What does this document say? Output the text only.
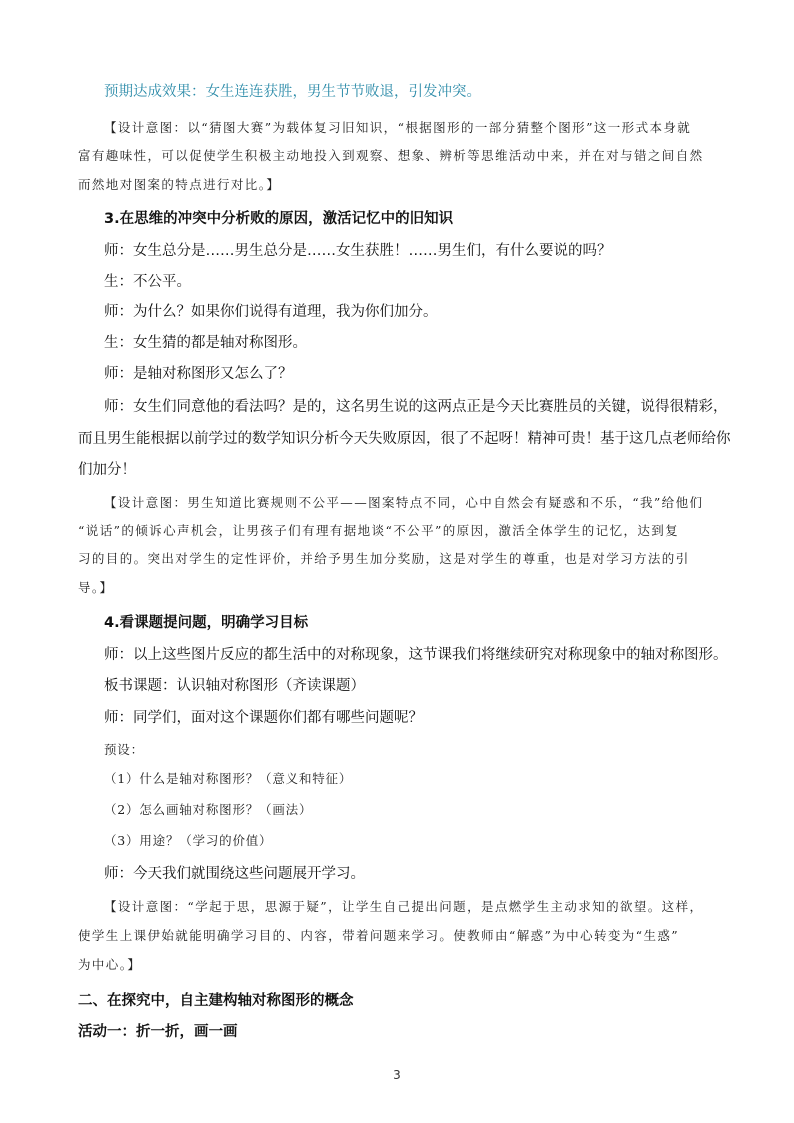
预期达成效果：女生连连获胜，男生节节败退，引发冲突。
【设计意图：以“猜图大赛”为载体复习旧知识，“根据图形的一部分猜整个图形”这一形式本身就
富有趣味性，可以促使学生积极主动地投入到观察、想象、辨析等思维活动中来，并在对与错之间自然
而然地对图案的特点进行对比。】
3.在思维的冲突中分析败的原因，激活记忆中的旧知识
师：女生总分是……男生总分是……女生获胜！……男生们，有什么要说的吗？
生：不公平。
师：为什么？如果你们说得有道理，我为你们加分。
生：女生猜的都是轴对称图形。
师：是轴对称图形又怎么了？
师：女生们同意他的看法吗？是的，这名男生说的这两点正是今天比赛胜员的关键，说得很精彩，
而且男生能根据以前学过的数学知识分析今天失败原因，很了不起呀！精神可贵！基于这几点老师给你
们加分！
【设计意图：男生知道比赛规则不公平——图案特点不同，心中自然会有疑惑和不乐，“我”给他们
“说话”的倾诉心声机会，让男孩子们有理有据地谈“不公平”的原因，激活全体学生的记忆，达到复
习的目的。突出对学生的定性评价，并给予男生加分奖励，这是对学生的尊重，也是对学习方法的引
导。】
4.看课题提问题，明确学习目标
师：以上这些图片反应的都生活中的对称现象，这节课我们将继续研究对称现象中的轴对称图形。
板书课题：认识轴对称图形（齐读课题）
师：同学们，面对这个课题你们都有哪些问题呢？
预设：
（1）什么是轴对称图形？（意义和特征）
（2）怎么画轴对称图形？（画法）
（3）用途？（学习的价值）
师：今天我们就围绕这些问题展开学习。
【设计意图：“学起于思，思源于疑”，让学生自己提出问题，是点燃学生主动求知的欲望。这样，
使学生上课伊始就能明确学习目的、内容，带着问题来学习。使教师由“解惑”为中心转变为“生惑”
为中心。】
二、在探究中，自主建构轴对称图形的概念
活动一：折一折，画一画
3
